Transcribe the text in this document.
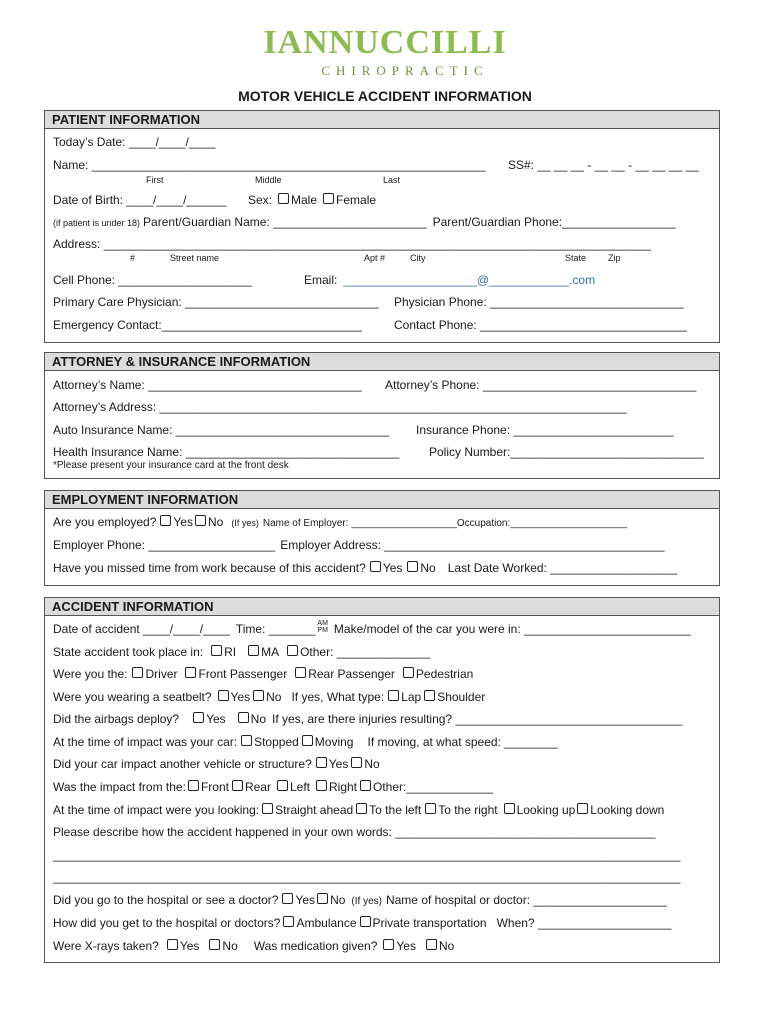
IANNUCCILLI
CHIROPRACTIC
MOTOR VEHICLE ACCIDENT INFORMATION
PATIENT INFORMATION
Today’s Date: ____/____/____
Name: ___________________________________________________________	SS#: __ __ __ - __ __ - __ __ __ __
First	Middle	Last
Date of Birth: ____/____/______	Sex: Male Female
(if patient is under 18) Parent/Guardian Name: _______________________ Parent/Guardian Phone:_________________
Address: __________________________________________________________________________________
#	Street name	Apt #	City	State Zip
Cell Phone: ____________________	Email: ____________________@____________.com
Primary Care Physician: _____________________________	Physician Phone: _____________________________
Emergency Contact:______________________________	Contact Phone: _______________________________
ATTORNEY & INSURANCE INFORMATION
Attorney’s Name: ________________________________	Attorney’s Phone: ________________________________
Attorney’s Address: ______________________________________________________________________
Auto Insurance Name: ________________________________	Insurance Phone: ________________________
Health Insurance Name: ________________________________	Policy Number:_____________________________
*Please present your insurance card at the front desk
EMPLOYMENT INFORMATION
Are you employed? Yes No (If yes) Name of Employer: ___________________ Occupation:_____________________
Employer Phone: ___________________ Employer Address: __________________________________________
Have you missed time from work because of this accident? Yes No Last Date Worked: ___________________
ACCIDENT INFORMATION
Date of accident ____/____/____ Time: _______ AM
PM Make/model of the car you were in: _________________________
State accident took place in: RI MA Other: ______________
Were you the: Driver Front Passenger Rear Passenger Pedestrian
Were you wearing a seatbelt? Yes No If yes, What type: Lap Shoulder
Did the airbags deploy? Yes No If yes, are there injuries resulting? __________________________________
At the time of impact was your car: Stopped Moving If moving, at what speed: ________
Did your car impact another vehicle or structure? Yes No
Was the impact from the: Front Rear Left Right Other:_____________
At the time of impact were you looking: Straight ahead To the left To the right Looking up Looking down
Please describe how the accident happened in your own words: _______________________________________
______________________________________________________________________________________________
______________________________________________________________________________________________
Did you go to the hospital or see a doctor? Yes No (If yes) Name of hospital or doctor: ____________________
How did you get to the hospital or doctors? Ambulance Private transportation When? ____________________
Were X-rays taken? Yes No Was medication given? Yes No
